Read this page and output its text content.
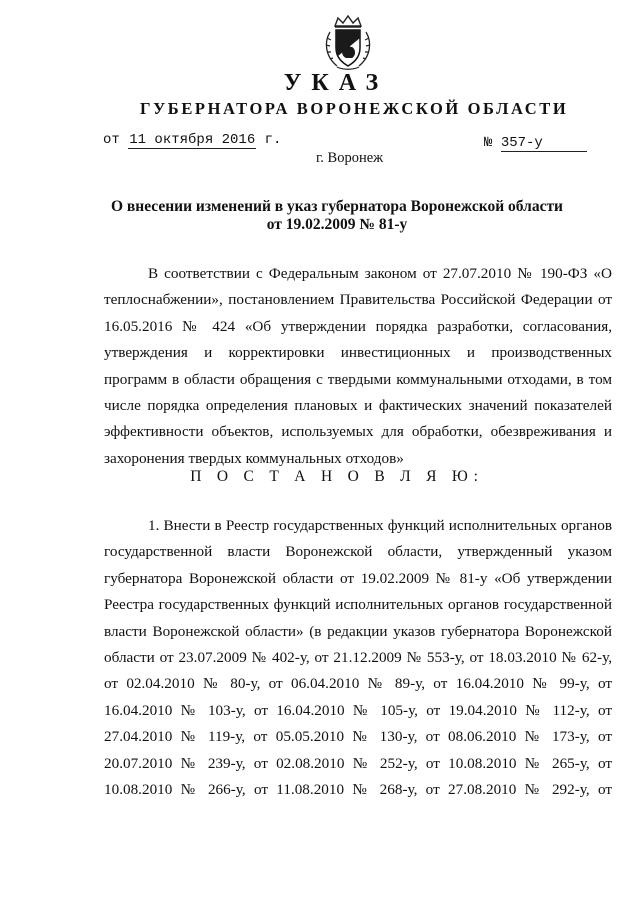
УКАЗ
ГУБЕРНАТОРА ВОРОНЕЖСКОЙ ОБЛАСТИ
от 11 октября 2016 г.	№ 357-у
г. Воронеж
О внесении изменений в указ губернатора Воронежской области
от 19.02.2009 № 81-у
В соответствии с Федеральным законом от 27.07.2010 № 190-ФЗ «О
теплоснабжении», постановлением Правительства Российской Федерации от
16.05.2016 № 424 «Об утверждении порядка разработки, согласования,
утверждения и корректировки инвестиционных и производственных
программ в области обращения с твердыми коммунальными отходами, в том
числе порядка определения плановых и фактических значений показателей
эффективности объектов, используемых для обработки, обезвреживания и
захоронения твердых коммунальных отходов»
П О С Т А Н О В Л Я Ю:
1. Внести в Реестр государственных функций исполнительных органов
государственной власти Воронежской области, утвержденный указом
губернатора Воронежской области от 19.02.2009 № 81-у «Об утверждении
Реестра государственных функций исполнительных органов государственной
власти Воронежской области» (в редакции указов губернатора Воронежской
области от 23.07.2009 № 402-у, от 21.12.2009 № 553-у, от 18.03.2010 № 62-у,
от 02.04.2010 № 80-у, от 06.04.2010 № 89-у, от 16.04.2010 № 99-у, от
16.04.2010 № 103-у, от 16.04.2010 № 105-у, от 19.04.2010 № 112-у, от
27.04.2010 № 119-у, от 05.05.2010 № 130-у, от 08.06.2010 № 173-у, от
20.07.2010 № 239-у, от 02.08.2010 № 252-у, от 10.08.2010 № 265-у, от
10.08.2010 № 266-у, от 11.08.2010 № 268-у, от 27.08.2010 № 292-у, от
